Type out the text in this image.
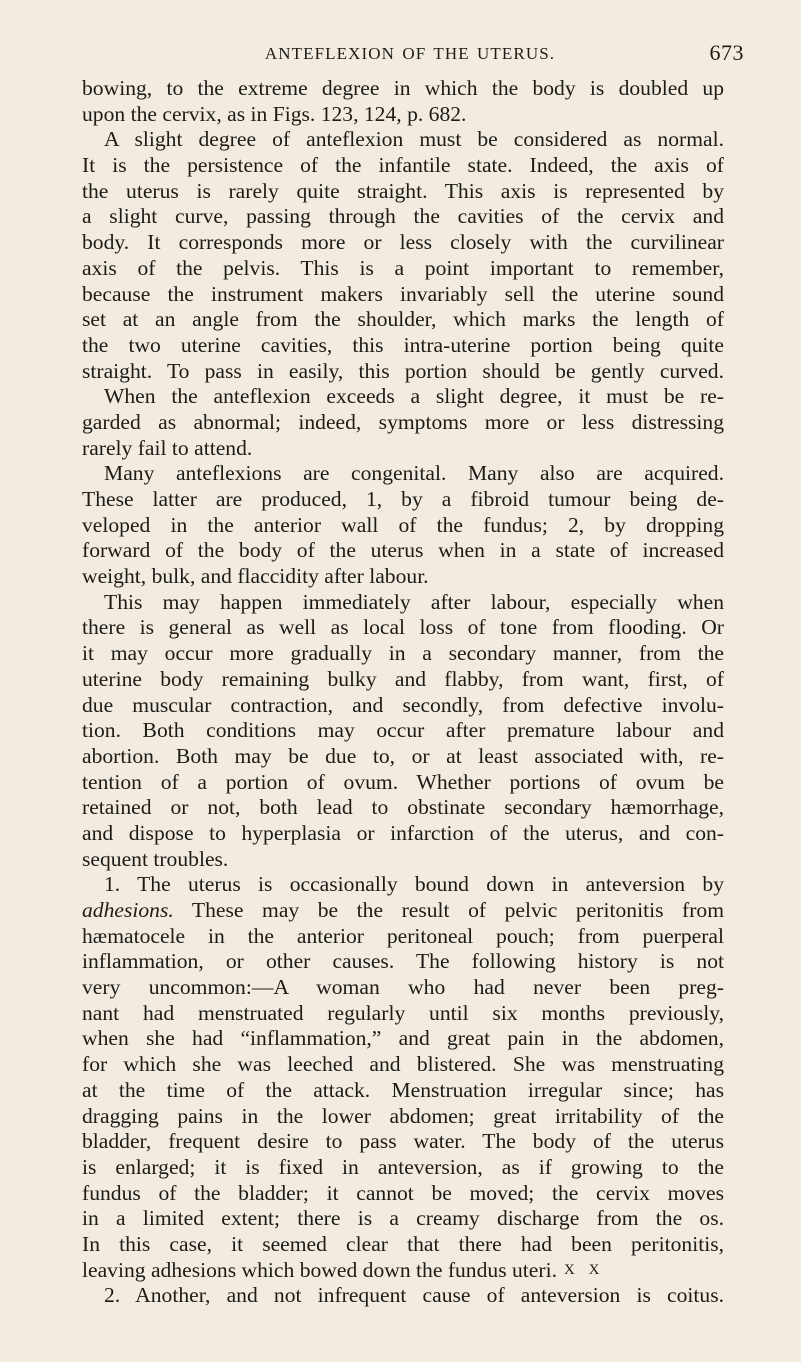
ANTEFLEXION OF THE UTERUS.	673
bowing, to the extreme degree in which the body is doubled up
upon the cervix, as in Figs. 123, 124, p. 682.
A slight degree of anteflexion must be considered as normal.
It is the persistence of the infantile state. Indeed, the axis of
the uterus is rarely quite straight. This axis is represented by
a slight curve, passing through the cavities of the cervix and
body. It corresponds more or less closely with the curvilinear
axis of the pelvis. This is a point important to remember,
because the instrument makers invariably sell the uterine sound
set at an angle from the shoulder, which marks the length of
the two uterine cavities, this intra-uterine portion being quite
straight. To pass in easily, this portion should be gently curved.
When the anteflexion exceeds a slight degree, it must be re-
garded as abnormal; indeed, symptoms more or less distressing
rarely fail to attend.
Many anteflexions are congenital. Many also are acquired.
These latter are produced, 1, by a fibroid tumour being de-
veloped in the anterior wall of the fundus; 2, by dropping
forward of the body of the uterus when in a state of increased
weight, bulk, and flaccidity after labour.
This may happen immediately after labour, especially when
there is general as well as local loss of tone from flooding. Or
it may occur more gradually in a secondary manner, from the
uterine body remaining bulky and flabby, from want, first, of
due muscular contraction, and secondly, from defective involu-
tion. Both conditions may occur after premature labour and
abortion. Both may be due to, or at least associated with, re-
tention of a portion of ovum. Whether portions of ovum be
retained or not, both lead to obstinate secondary hæmorrhage,
and dispose to hyperplasia or infarction of the uterus, and con-
sequent troubles.
1. The uterus is occasionally bound down in anteversion by
adhesions. These may be the result of pelvic peritonitis from
hæmatocele in the anterior peritoneal pouch; from puerperal
inflammation, or other causes. The following history is not
very uncommon:—A woman who had never been preg-
nant had menstruated regularly until six months previously,
when she had “inflammation,” and great pain in the abdomen,
for which she was leeched and blistered. She was menstruating
at the time of the attack. Menstruation irregular since; has
dragging pains in the lower abdomen; great irritability of the
bladder, frequent desire to pass water. The body of the uterus
is enlarged; it is fixed in anteversion, as if growing to the
fundus of the bladder; it cannot be moved; the cervix moves
in a limited extent; there is a creamy discharge from the os.
In this case, it seemed clear that there had been peritonitis,
leaving adhesions which bowed down the fundus uteri.
2. Another, and not infrequent cause of anteversion is coitus.
X X
